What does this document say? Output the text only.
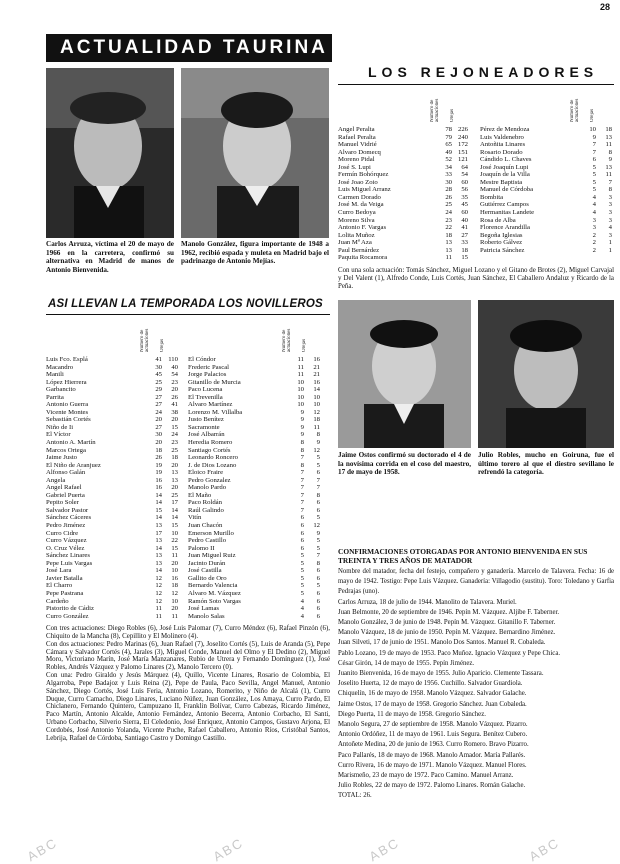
28
ACTUALIDAD TAURINA
Carlos Arruza, víctima el 20 de mayo de 1966 en la carretera, confirmó su alternativa en Madrid de manos de Antonio Bienvenida.
Manolo González, figura importante de 1948 a 1962, recibió espada y muleta en Madrid bajo el padrinazgo de Antonio Mejías.
ASI LLEVAN LA TEMPORADA LOS NOVILLEROS
Número de actuaciones Orejas	Número de actuaciones Orejas
Luis Fco. Esplá	41 110
Macandro	30	40
Manili	45	54
López Hierrera	25	23
Garbancito	29	20
Parrita	27	26
Antonio Guerra	27	41
Vicente Montes	24	38
Sebastián Cortés	20	20
Niño de Ii	27	15
El Víctor	30	24
Antonio A. Martín	20	23
Marcos Ortega	18	25
Jaime Justo	26	18
El Niño de Aranjuez	19	20
Alfonso Galán	19	13
Angela	16	13
Angel Rafael	16	20
Gabriel Puerta	14	25
Pepito Soler	14	17
Salvador Pastor	15	14
Sánchez Cáceres	14	14
Pedro Jiménez	13	15
Curro Cidre	17	10
Curro Vázquez	13	22
O. Cruz Vélez	14	15
Sánchez Linares	13	11
Pepe Luis Vargas	13	20
José Lara	14	10
Javier Batalla	12	16
El Charro	12	18
Pepe Pastrana	12	12
Cardeño	12	10
Pistorito de Cádiz	11	20
Curro González	11	11
El Cóndor	11	16
Frederic Pascal	11	21
Jorge Palacios	11	21
Gitanillo de Murcia	10	16
Paco Lucena	10	14
El Trevenilla	10	10
Alvaro Martínez	10	10
Lorenzo M. Villalba	9	12
Justo Benítez	9	18
Sacramonte	9	11
José Albarrán	9	8
Heredia Romero	8	9
Santiago Cortés	8	12
Leonardo Roncero	7	5
J. de Dios Lozano	8	5
Eloico Fraire	7	6
Pedro Gonzalez	7	7
Manolo Pardo	7	7
El Maño	7	8
Paco Roldán	7	6
Raúl Galindo	7	6
Vitín	6	5
Juan Chacón	6	12
Emerson Murillo	6	9
Pedro Castillo	6	5
Palomo II	6	5
Juan Miguel Ruiz	5	7
Jacinto Durán	5	8
José Castilla	5	6
Gallito de Oro	5	6
Bernardo Valencia	5	5
Alvaro M. Vázquez	5	6
Ramón Soto Vargas	4	6
José Lamas	4	6
Manolo Salas	4	6
Con tres actuaciones: Diego Robles (6), José Luis Palomar (7), Curro Méndez (6), Rafael Pinzón (6), Chiquito de la Mancha (8), Cepillito y El Molinero (4).
Con dos actuaciones: Pedro Marinas (6), Juan Rafael (7), Joselito Cortés (5), Luis de Aranda (5), Pepe Cámara y Salvador Cortés (4), Jarales (3), Miguel Conde, Manuel del Olmo y El Dedino (2), Miguel Moro, Victoriano Marín, José María Manzanares, Rubio de Utrera y Fernando Domínguez (1), José Robles, Andrés Vázquez y Palomo Linares (2), Manolo Tercero (0).
Con una: Pedro Giraldo y Jesús Márquez (4), Quillo, Vicente Linares, Rosario de Colombia, El Algarroba, Pepe Badajoz y Luis Reina (2), Pepe de Paula, Paco Sevilla, Angel Manuel, Antonio Sánchez, Diego Cortés, José Luis Feria, Antonio Lozano, Romerito, y Niño de Alcalá (1), Curro Duque, Curro Camacho, Diego Linares, Luciano Núñez, Juan González, Los Amaya, Curro Pardo, El Chiclanero, Fernando Quintero, Campuzano II, Franklin Bolívar, Curro Cabezas, Ricardo Jiménez, Paco Martín, Antonio Alcalde, Antonio Fernández, Antonio Becerra, Antonio Corbacho, El Santi, Urbano Corbacho, Silverio Sierra, El Celedonio, José Enriquez, Antonio Campos, Gustavo Arjona, El Cordobés, José Antonio Yolanda, Vicente Puche, Rafael Caballero, Antonio Ríos, Cristóbal Santos, Lebrija, Rafael de Córdoba, Santiago Castro y Domingo Castillo.
LOS REJONEADORES
Número de actuaciones Orejas	Número de actuaciones Orejas
Angel Peralta	78 226
Rafael Peralta	79 240
Manuel Vidrié	65 172
Alvaro Domecq	49 151
Moreno Pidal	52 121
José S. Lupi	34	64
Fermín Bohórquez	33	54
José Joao Zoio	30	60
Luis Miguel Arranz	28	56
Carmen Dorado	26	35
José M. da Veiga	25	45
Curro Bedoya	24	60
Moreno Silva	23	40
Antonio F. Vargas	22	41
Lolita Muñoz	18	27
Juan Mª Aza	13	33
Paul Bernárdez	13	18
Paquita Rocamora	11	15
Pérez de Mendoza	10	18
Luis Valdenebro	9	13
Antoñita Linares	7	11
Rosario Dorado	7	8
Cándido L. Chaves	6	9
José Joaquín Lupi	5	13
Joaquín de la Villa	5	11
Mestre Baptista	5	7
Manuel de Córdoba	5	8
Bombita	4	3
Gutiérrez Campos	4	3
Hermanitas Landete	4	3
Rosa de Alba	3	3
Florence Arandilla	3	4
Begoña Iglesias	2	3
Roberto Gálvez	2	1
Patricia Sánchez	2	1
Con una sola actuación: Tomás Sánchez, Miguel Lozano y el Gitano de Brotes (2), Miguel Carvajal y Del Valent (1), Alfredo Conde, Luis Cortés, Juan Sánchez, El Caballero Andaluz y Ricardo de la Peña.
Jaime Ostos confirmó su doctorado el 4 de la novísima corrida en el coso del maestro, 17 de mayo de 1958.
Julio Robles, mucho en Goiruna, fue el último torero al que el diestro sevillano le refrendó la categoría.
CONFIRMACIONES OTORGADAS POR ANTONIO BIENVENIDA EN SUS TREINTA Y TRES AÑOS DE MATADOR
Nombre del matador, fecha del festejo, compañero y ganadería. Marcelo de Talavera. Fecha: 16 de mayo de 1942. Testigo: Pepe Luis Vázquez. Ganadería: Villagodio (sustitu). Toro: Toledano y Garfia Pedrajas (uno).
Carlos Arruza, 18 de julio de 1944. Manolito de Talavera. Muriel.
Juan Belmonte, 20 de septiembre de 1946. Pepín M. Vázquez. Aljibe F. Taberner.
Manolo González, 3 de junio de 1948. Pepín M. Vázquez. Gitanillo F. Taberner.
Manolo Vázquez, 18 de junio de 1950. Pepín M. Vázquez. Bernardino Jiménez.
Juan Silveti, 17 de junio de 1951. Manolo Dos Santos. Manuel R. Cobaleda.
Pablo Lozano, 19 de mayo de 1953. Paco Muñoz. Ignacio Vázquez y Pepe Chica.
César Girón, 14 de mayo de 1955. Pepín Jiménez.
Juanito Bienvenida, 16 de mayo de 1955. Julio Aparicio. Clemente Tassara.
Joselito Huerta, 12 de mayo de 1956. Cuchillo. Salvador Guardiola.
Chiquelín, 16 de mayo de 1958. Manolo Vázquez. Salvador Galache.
Jaime Ostos, 17 de mayo de 1958. Gregorio Sánchez. Juan Cobaleda.
Diego Puerta, 11 de mayo de 1958. Gregorio Sánchez.
Manolo Segura, 27 de septiembre de 1958. Manolo Vázquez. Pizarro.
Antonio Ordóñez, 11 de mayo de 1961. Luis Segura. Benítez Cubero.
Antoñete Medina, 20 de junio de 1963. Curro Romero. Bravo Pizarro.
Paco Pallarés, 18 de mayo de 1968. Manolo Amador. María Pallarés.
Curro Rivera, 16 de mayo de 1971. Manolo Vázquez. Manuel Flores.
Marismeño, 23 de mayo de 1972. Paco Camino. Manuel Arranz.
Julio Robles, 22 de mayo de 1972. Palomo Linares. Román Galache.
TOTAL: 26.
ABC	ABC	ABC	ABC
